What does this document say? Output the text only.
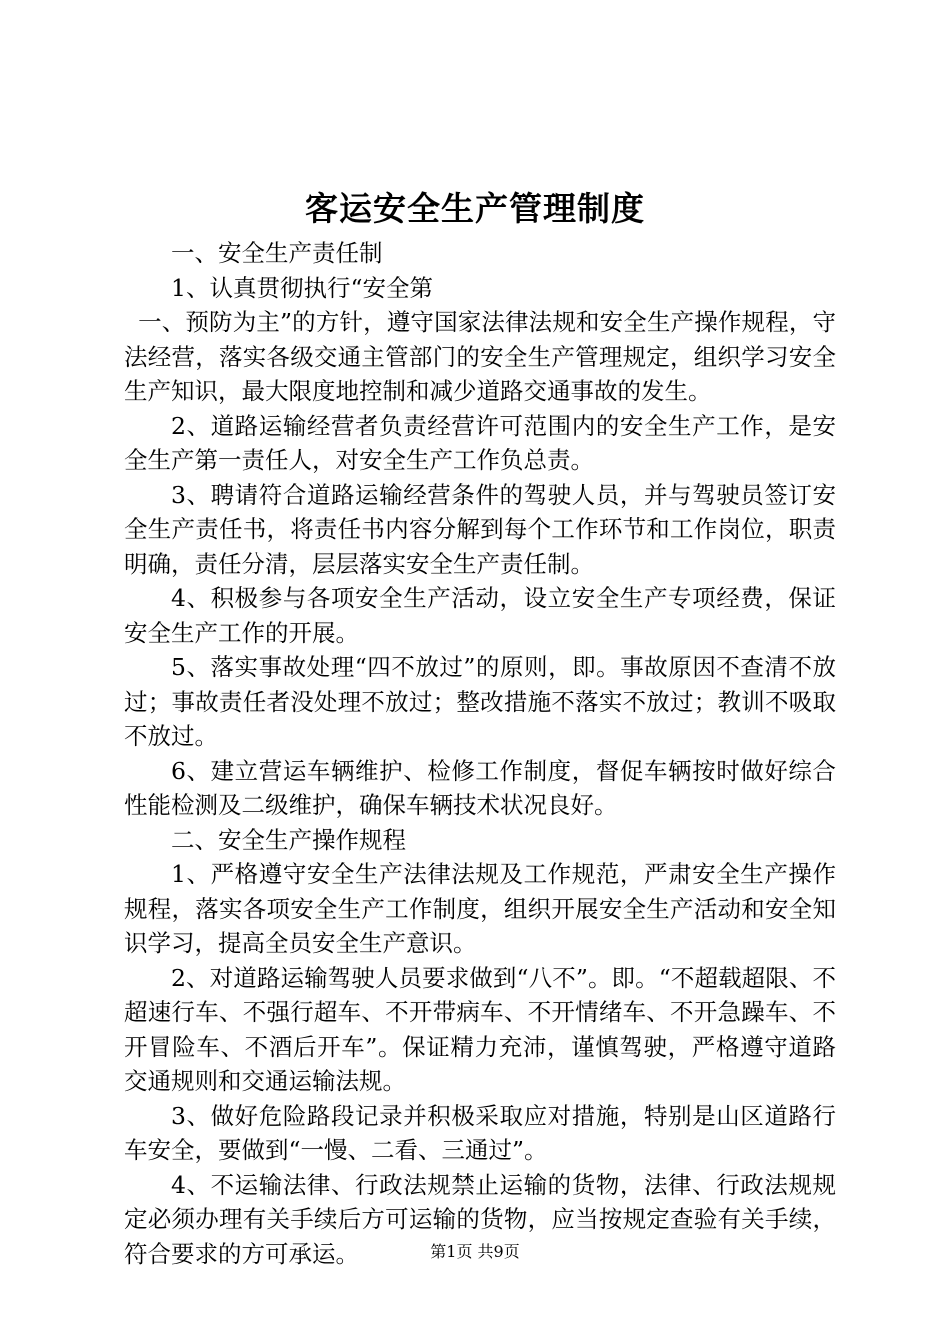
客运安全生产管理制度

一、安全生产责任制

1、认真贯彻执行“安全第

一、预防为主”的方针，遵守国家法律法规和安全生产操作规程，守法经营，落实各级交通主管部门的安全生产管理规定，组织学习安全生产知识，最大限度地控制和减少道路交通事故的发生。

2、道路运输经营者负责经营许可范围内的安全生产工作，是安全生产第一责任人，对安全生产工作负总责。

3、聘请符合道路运输经营条件的驾驶人员，并与驾驶员签订安全生产责任书，将责任书内容分解到每个工作环节和工作岗位，职责明确，责任分清，层层落实安全生产责任制。

4、积极参与各项安全生产活动，设立安全生产专项经费，保证安全生产工作的开展。

5、落实事故处理“四不放过”的原则，即。事故原因不查清不放过；事故责任者没处理不放过；整改措施不落实不放过；教训不吸取不放过。

6、建立营运车辆维护、检修工作制度，督促车辆按时做好综合性能检测及二级维护，确保车辆技术状况良好。

二、安全生产操作规程

1、严格遵守安全生产法律法规及工作规范，严肃安全生产操作规程，落实各项安全生产工作制度，组织开展安全生产活动和安全知识学习，提高全员安全生产意识。

2、对道路运输驾驶人员要求做到“八不”。即。“不超载超限、不超速行车、不强行超车、不开带病车、不开情绪车、不开急躁车、不开冒险车、不酒后开车”。保证精力充沛，谨慎驾驶，严格遵守道路交通规则和交通运输法规。

3、做好危险路段记录并积极采取应对措施，特别是山区道路行车安全，要做到“一慢、二看、三通过”。

4、不运输法律、行政法规禁止运输的货物，法律、行政法规规定必须办理有关手续后方可运输的货物，应当按规定查验有关手续，符合要求的方可承运。	第1页 共9页
